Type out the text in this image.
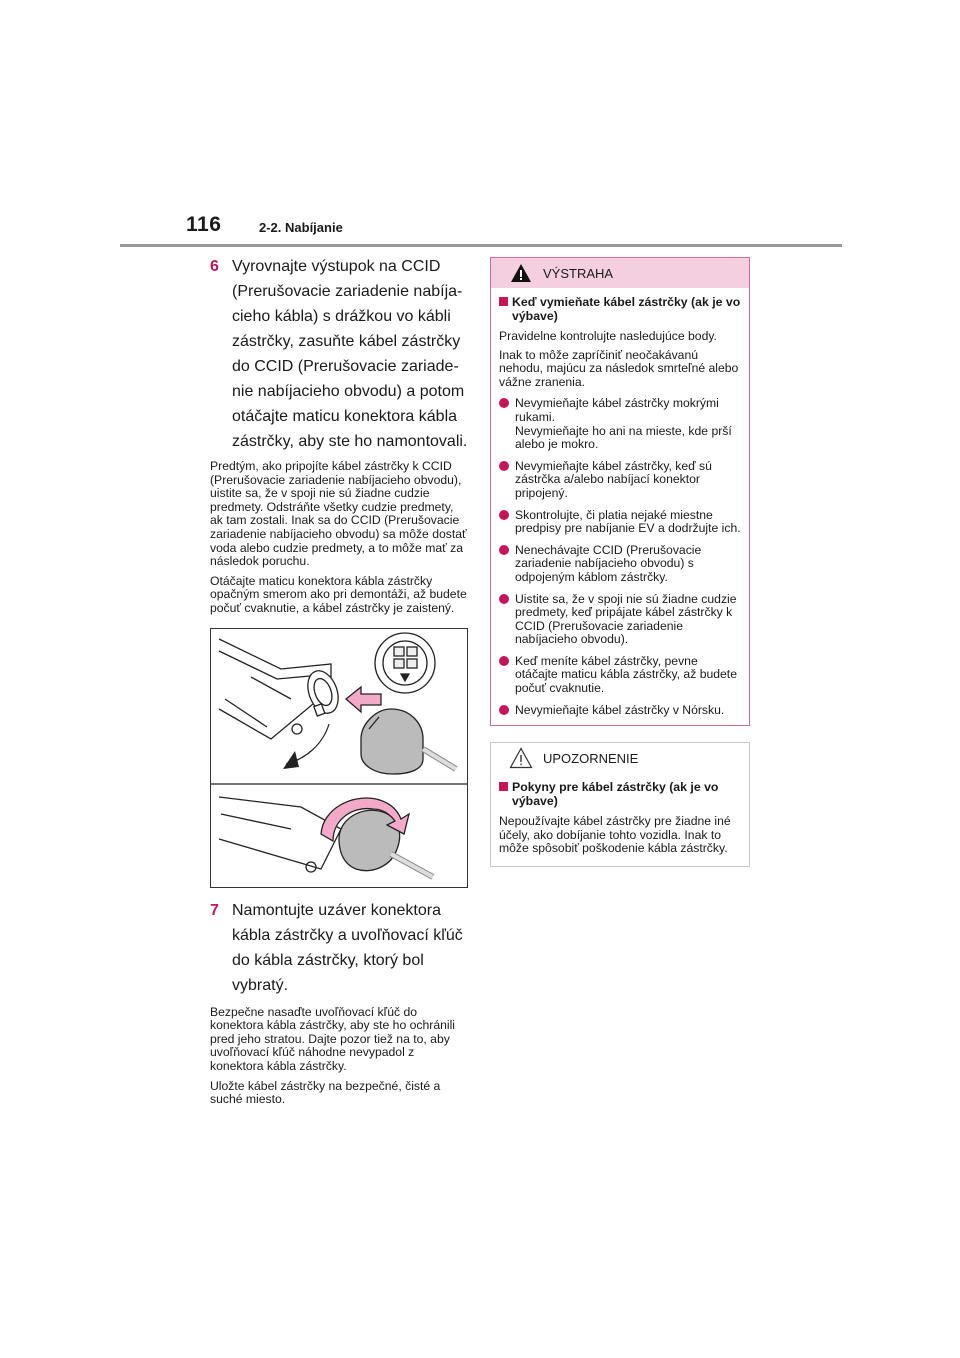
116	2-2. Nabíjanie
6 Vyrovnajte výstupok na CCID (Prerušovacie zariadenie nabíjacieho kábla) s drážkou vo kábli zástrčky, zasuňte kábel zástrčky do CCID (Prerušovacie zariadenie nabíjacieho obvodu) a potom otáčajte maticu konektora kábla zástrčky, aby ste ho namontovali.

Predtým, ako pripojíte kábel zástrčky k CCID (Prerušovacie zariadenie nabíjacieho obvodu), uistite sa, že v spoji nie sú žiadne cudzie predmety. Odstráňte všetky cudzie predmety, ak tam zostali. Inak sa do CCID (Prerušovacie zariadenie nabíjacieho obvodu) sa môže dostať voda alebo cudzie predmety, a to môže mať za následok poruchu.

Otáčajte maticu konektora kábla zástrčky opačným smerom ako pri demontáži, až budete počuť cvaknutie, a kábel zástrčky je zaistený.

7 Namontujte uzáver konektora kábla zástrčky a uvoľňovací kľúč do kábla zástrčky, ktorý bol vybratý.

Bezpečne nasaďte uvoľňovací kľúč do konektora kábla zástrčky, aby ste ho ochránili pred jeho stratou. Dajte pozor tiež na to, aby uvoľňovací kľúč náhodne nevypadol z konektora kábla zástrčky.

Uložte kábel zástrčky na bezpečné, čisté a suché miesto.

VÝSTRAHA
Keď vymieňate kábel zástrčky (ak je vo výbave)
Pravidelne kontrolujte nasledujúce body.
Inak to môže zapríčiniť neočakávanú nehodu, majúcu za následok smrteľné alebo vážne zranenia.
Nevymieňajte kábel zástrčky mokrými rukami.
Nevymieňajte ho ani na mieste, kde prší alebo je mokro.
Nevymieňajte kábel zástrčky, keď sú zástrčka a/alebo nabíjací konektor pripojený.
Skontrolujte, či platia nejaké miestne predpisy pre nabíjanie EV a dodržujte ich.
Nenechávajte CCID (Prerušovacie zariadenie nabíjacieho obvodu) s odpojeným káblom zástrčky.
Uistite sa, že v spoji nie sú žiadne cudzie predmety, keď pripájate kábel zástrčky k CCID (Prerušovacie zariadenie nabíjacieho obvodu).
Keď meníte kábel zástrčky, pevne otáčajte maticu kábla zástrčky, až budete počuť cvaknutie.
Nevymieňajte kábel zástrčky v Nórsku.
UPOZORNENIE
Pokyny pre kábel zástrčky (ak je vo výbave)
Nepoužívajte kábel zástrčky pre žiadne iné účely, ako dobíjanie tohto vozidla. Inak to môže spôsobiť poškodenie kábla zástrčky.
